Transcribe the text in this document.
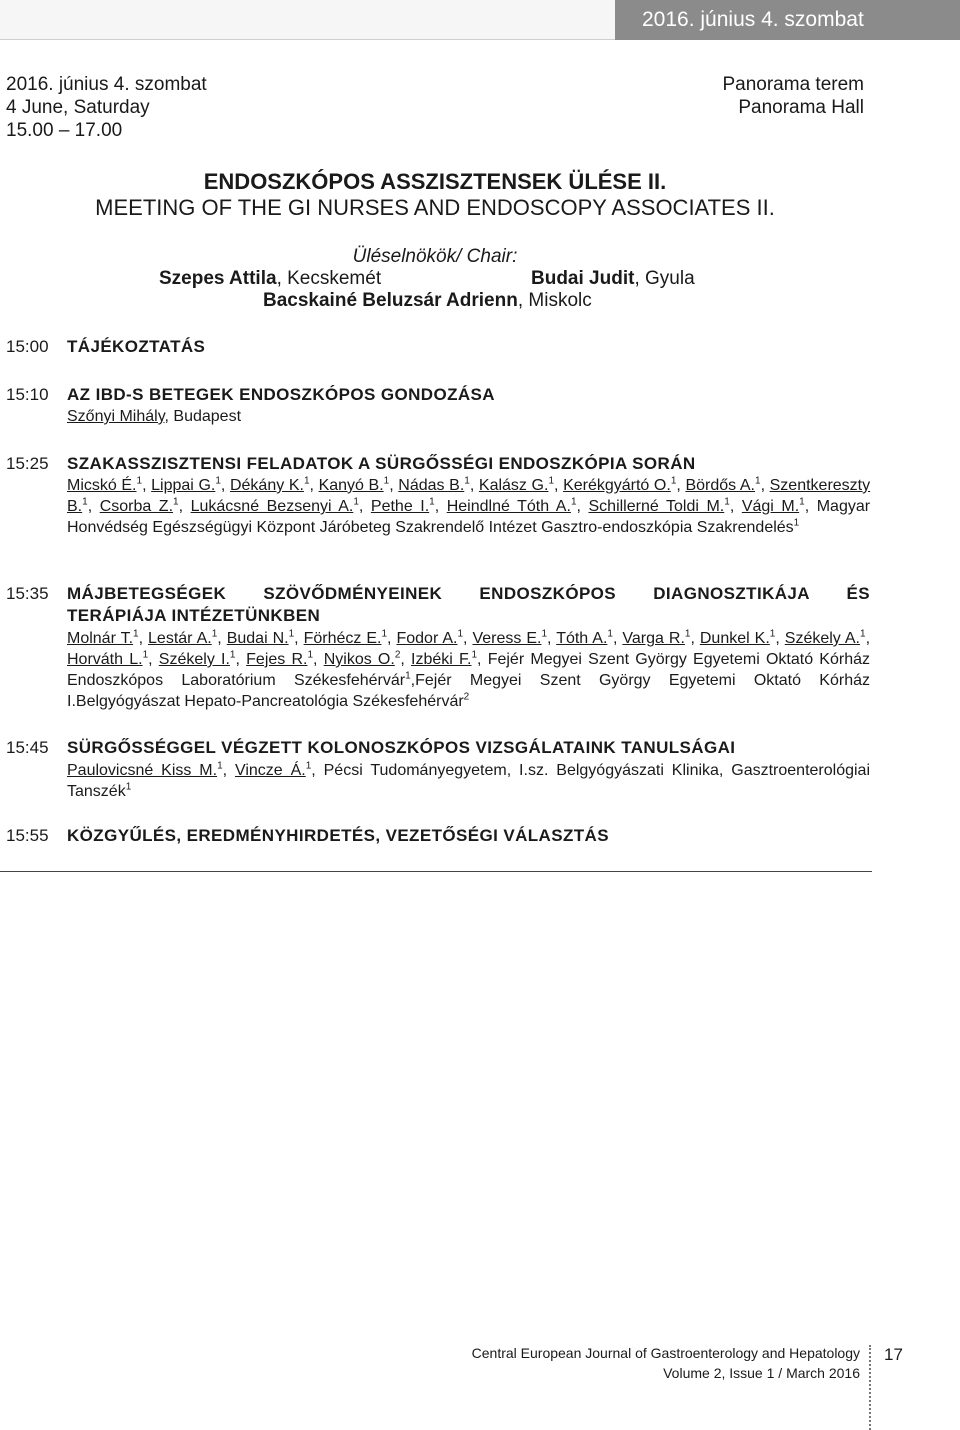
2016. június 4. szombat
2016. június 4. szombat
4 June, Saturday
15.00 – 17.00
Panorama terem
Panorama Hall
ENDOSZKÓPOS ASSZISZTENSEK ÜLÉSE II.
MEETING OF THE GI NURSES AND ENDOSCOPY ASSOCIATES II.
Üléselnökök/ Chair:
Szepes Attila, Kecskemét	Budai Judit, Gyula
Bacskainé Beluzsár Adrienn, Miskolc
15:00 TÁJÉKOZTATÁS
15:10 AZ IBD-S BETEGEK ENDOSZKÓPOS GONDOZÁSA
Szőnyi Mihály, Budapest
15:25 SZAKASSZISZTENSI FELADATOK A SÜRGŐSSÉGI ENDOSZKÓPIA SORÁN
Micskó É.$^1$, Lippai G.$^1$, Dékány K.$^1$, Kanyó B.$^1$, Nádas B.$^1$, Kalász G.$^1$, Kerékgyártó O.$^1$, Bördős A.$^1$, Szentkereszty B.$^1$, Csorba Z.$^1$, Lukácsné Bezsenyi A.$^1$, Pethe I.$^1$, Heindlné Tóth A.$^1$, Schillerné Toldi M.$^1$, Vági M.$^1$, Magyar Honvédség Egészségügyi Központ Járóbeteg Szakrendelő Intézet Gasztro-endoszkópia Szakrendelés$^1$
15:35 MÁJBETEGSÉGEK SZÖVŐDMÉNYEINEK ENDOSZKÓPOS DIAGNOSZTIKÁJA ÉS
TERÁPIÁJA INTÉZETÜNKBEN
Molnár T.$^1$, Lestár A.$^1$, Budai N.$^1$, Förhécz E.$^1$, Fodor A.$^1$, Veress E.$^1$, Tóth A.$^1$, Varga R.$^1$, Dunkel K.$^1$, Székely A.$^1$, Horváth L.$^1$, Székely I.$^1$, Fejes R.$^1$, Nyikos O.$^2$, Izbéki F.$^1$, Fejér Megyei Szent György Egyetemi Oktató Kórház Endoszkópos Laboratórium Székesfehérvár$^1$,Fejér Megyei Szent György Egyetemi Oktató Kórház I.Belgyógyászat Hepato-Pancreatológia Székesfehérvár$^2$
15:45 SÜRGŐSSÉGGEL VÉGZETT KOLONOSZKÓPOS VIZSGÁLATAINK TANULSÁGAI
Paulovicsné Kiss M.$^1$, Vincze Á.$^1$, Pécsi Tudományegyetem, I.sz. Belgyógyászati Klinika, Gasztroenterológiai Tanszék$^1$
15:55 KÖZGYŰLÉS, EREDMÉNYHIRDETÉS, VEZETŐSÉGI VÁLASZTÁS
Central European Journal of Gastroenterology and Hepatology
Volume 2, Issue 1 / March 2016
17
